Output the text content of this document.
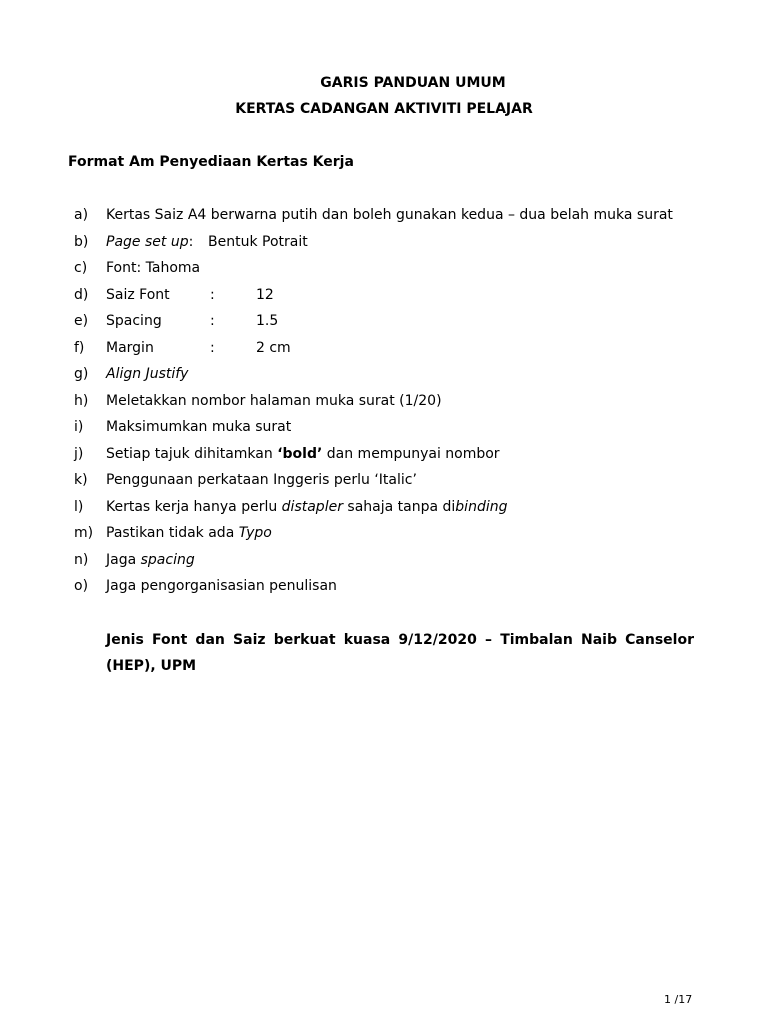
GARIS PANDUAN UMUM
KERTAS CADANGAN AKTIVITI PELAJAR
Format Am Penyediaan Kertas Kerja
a)	Kertas Saiz A4 berwarna putih dan boleh gunakan kedua – dua belah muka surat
b)	Page set up: Bentuk Potrait
c)	Font: Tahoma
d)	Saiz Font	:	12
e)	Spacing	:	1.5
f)	Margin	:	2 cm
g)	Align Justify
h)	Meletakkan nombor halaman muka surat (1/20)
i)	Maksimumkan muka surat
j)	Setiap tajuk dihitamkan ‘bold’ dan mempunyai nombor
k)	Penggunaan perkataan Inggeris perlu ‘Italic’
l)	Kertas kerja hanya perlu distapler sahaja tanpa dibinding
m) Pastikan tidak ada Typo
n)	Jaga spacing
o)	Jaga pengorganisasian penulisan
Jenis Font dan Saiz berkuat kuasa 9/12/2020 – Timbalan Naib Canselor (HEP), UPM
1 /17
